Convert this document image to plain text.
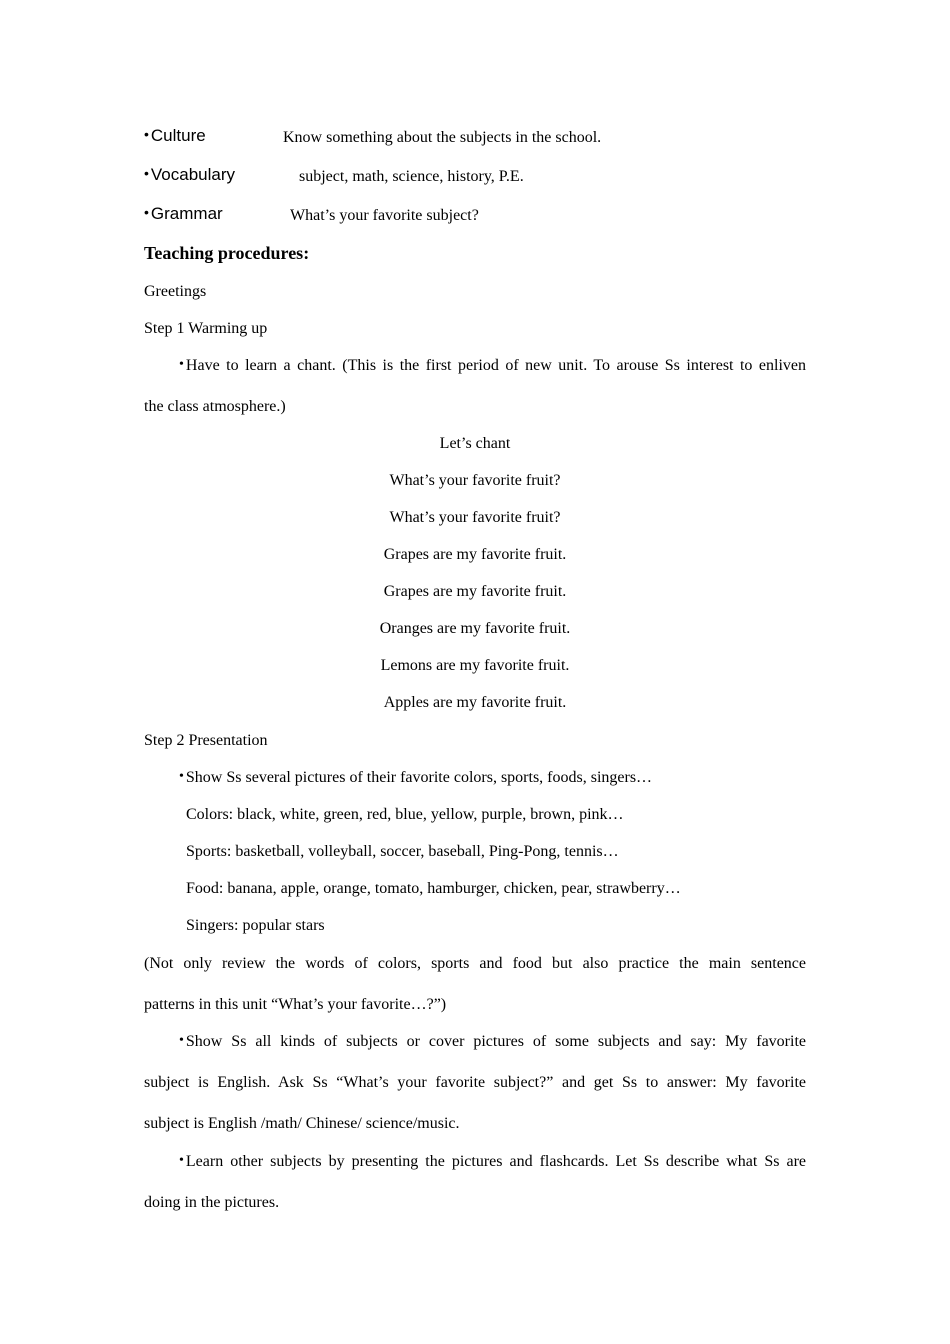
• Culture	Know something about the subjects in the school.
• Vocabulary	subject, math, science, history, P.E.
• Grammar	What’s your favorite subject?
Teaching procedures:
Greetings
Step 1 Warming up
• Have to learn a chant. (This is the first period of new unit. To arouse Ss interest to enliven
the class atmosphere.)
Let’s chant
What’s your favorite fruit?
What’s your favorite fruit?
Grapes are my favorite fruit.
Grapes are my favorite fruit.
Oranges are my favorite fruit.
Lemons are my favorite fruit.
Apples are my favorite fruit.
Step 2 Presentation
• Show Ss several pictures of their favorite colors, sports, foods, singers…
Colors: black, white, green, red, blue, yellow, purple, brown, pink…
Sports: basketball, volleyball, soccer, baseball, Ping-Pong, tennis…
Food: banana, apple, orange, tomato, hamburger, chicken, pear, strawberry…
Singers: popular stars
(Not only review the words of colors, sports and food but also practice the main sentence
patterns in this unit “What’s your favorite…?”)
• Show Ss all kinds of subjects or cover pictures of some subjects and say: My favorite
subject is English. Ask Ss “What’s your favorite subject?” and get Ss to answer: My favorite
subject is English /math/ Chinese/ science/music.
• Learn other subjects by presenting the pictures and flashcards. Let Ss describe what Ss are
doing in the pictures.
